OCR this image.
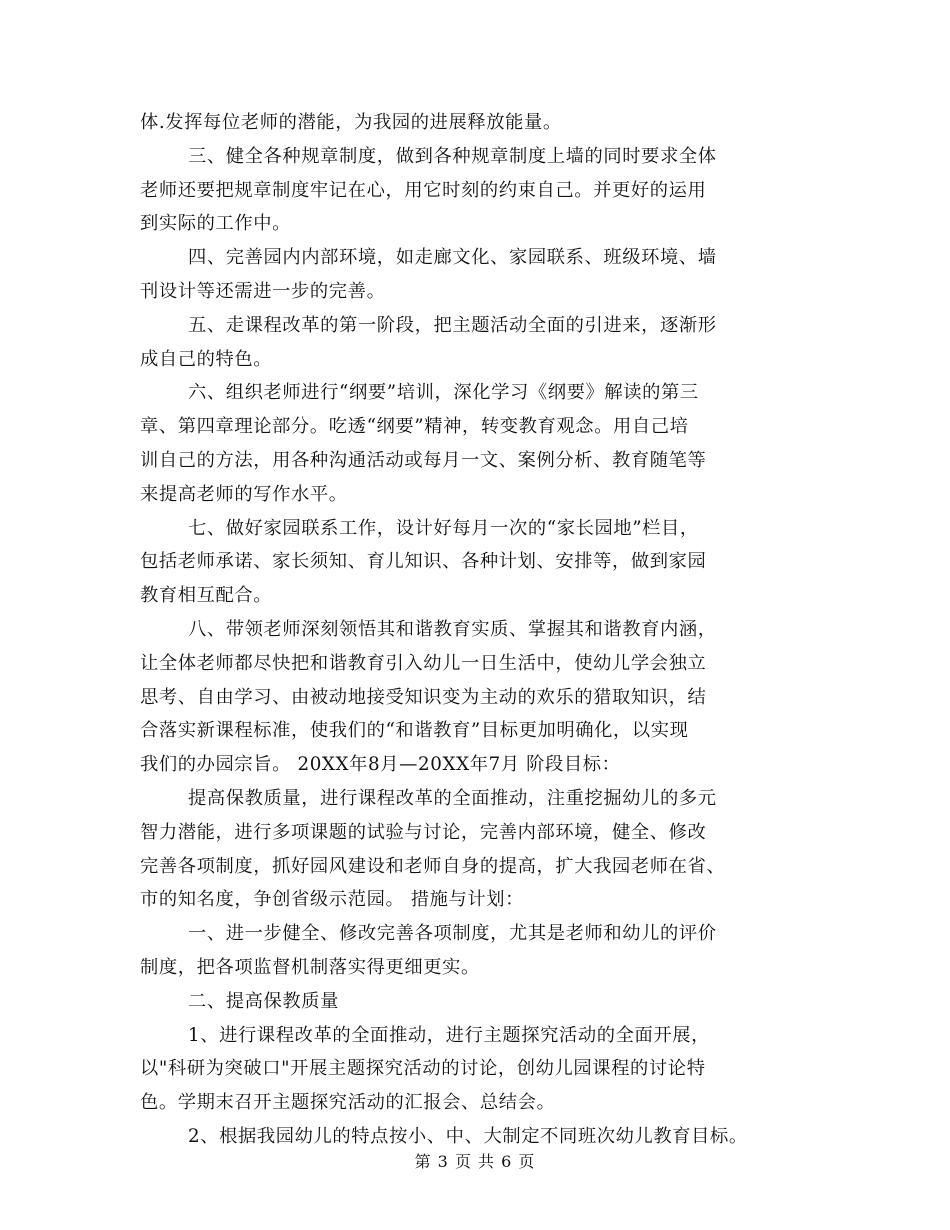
体.发挥每位老师的潜能，为我园的进展释放能量。
三、健全各种规章制度，做到各种规章制度上墙的同时要求全体
老师还要把规章制度牢记在心，用它时刻的约束自己。并更好的运用
到实际的工作中。
四、完善园内内部环境，如走廊文化、家园联系、班级环境、墙
刊设计等还需进一步的完善。
五、走课程改革的第一阶段，把主题活动全面的引进来，逐渐形
成自己的特色。
六、组织老师进行“纲要”培训，深化学习《纲要》解读的第三
章、第四章理论部分。吃透“纲要”精神，转变教育观念。用自己培
训自己的方法，用各种沟通活动或每月一文、案例分析、教育随笔等
来提高老师的写作水平。
七、做好家园联系工作，设计好每月一次的“家长园地”栏目，
包括老师承诺、家长须知、育儿知识、各种计划、安排等，做到家园
教育相互配合。
八、带领老师深刻领悟其和谐教育实质、掌握其和谐教育内涵，
让全体老师都尽快把和谐教育引入幼儿一日生活中，使幼儿学会独立
思考、自由学习、由被动地接受知识变为主动的欢乐的猎取知识，结
合落实新课程标准，使我们的“和谐教育”目标更加明确化，以实现
我们的办园宗旨。 20XX年8月—20XX年7月 阶段目标：
提高保教质量，进行课程改革的全面推动，注重挖掘幼儿的多元
智力潜能，进行多项课题的试验与讨论，完善内部环境，健全、修改
完善各项制度，抓好园风建设和老师自身的提高，扩大我园老师在省、
市的知名度，争创省级示范园。 措施与计划：
一、进一步健全、修改完善各项制度，尤其是老师和幼儿的评价
制度，把各项监督机制落实得更细更实。
二、提高保教质量
1、进行课程改革的全面推动，进行主题探究活动的全面开展，
以"科研为突破口"开展主题探究活动的讨论，创幼儿园课程的讨论特
色。学期末召开主题探究活动的汇报会、总结会。
2、根据我园幼儿的特点按小、中、大制定不同班次幼儿教育目标。
第 3 页 共 6 页
